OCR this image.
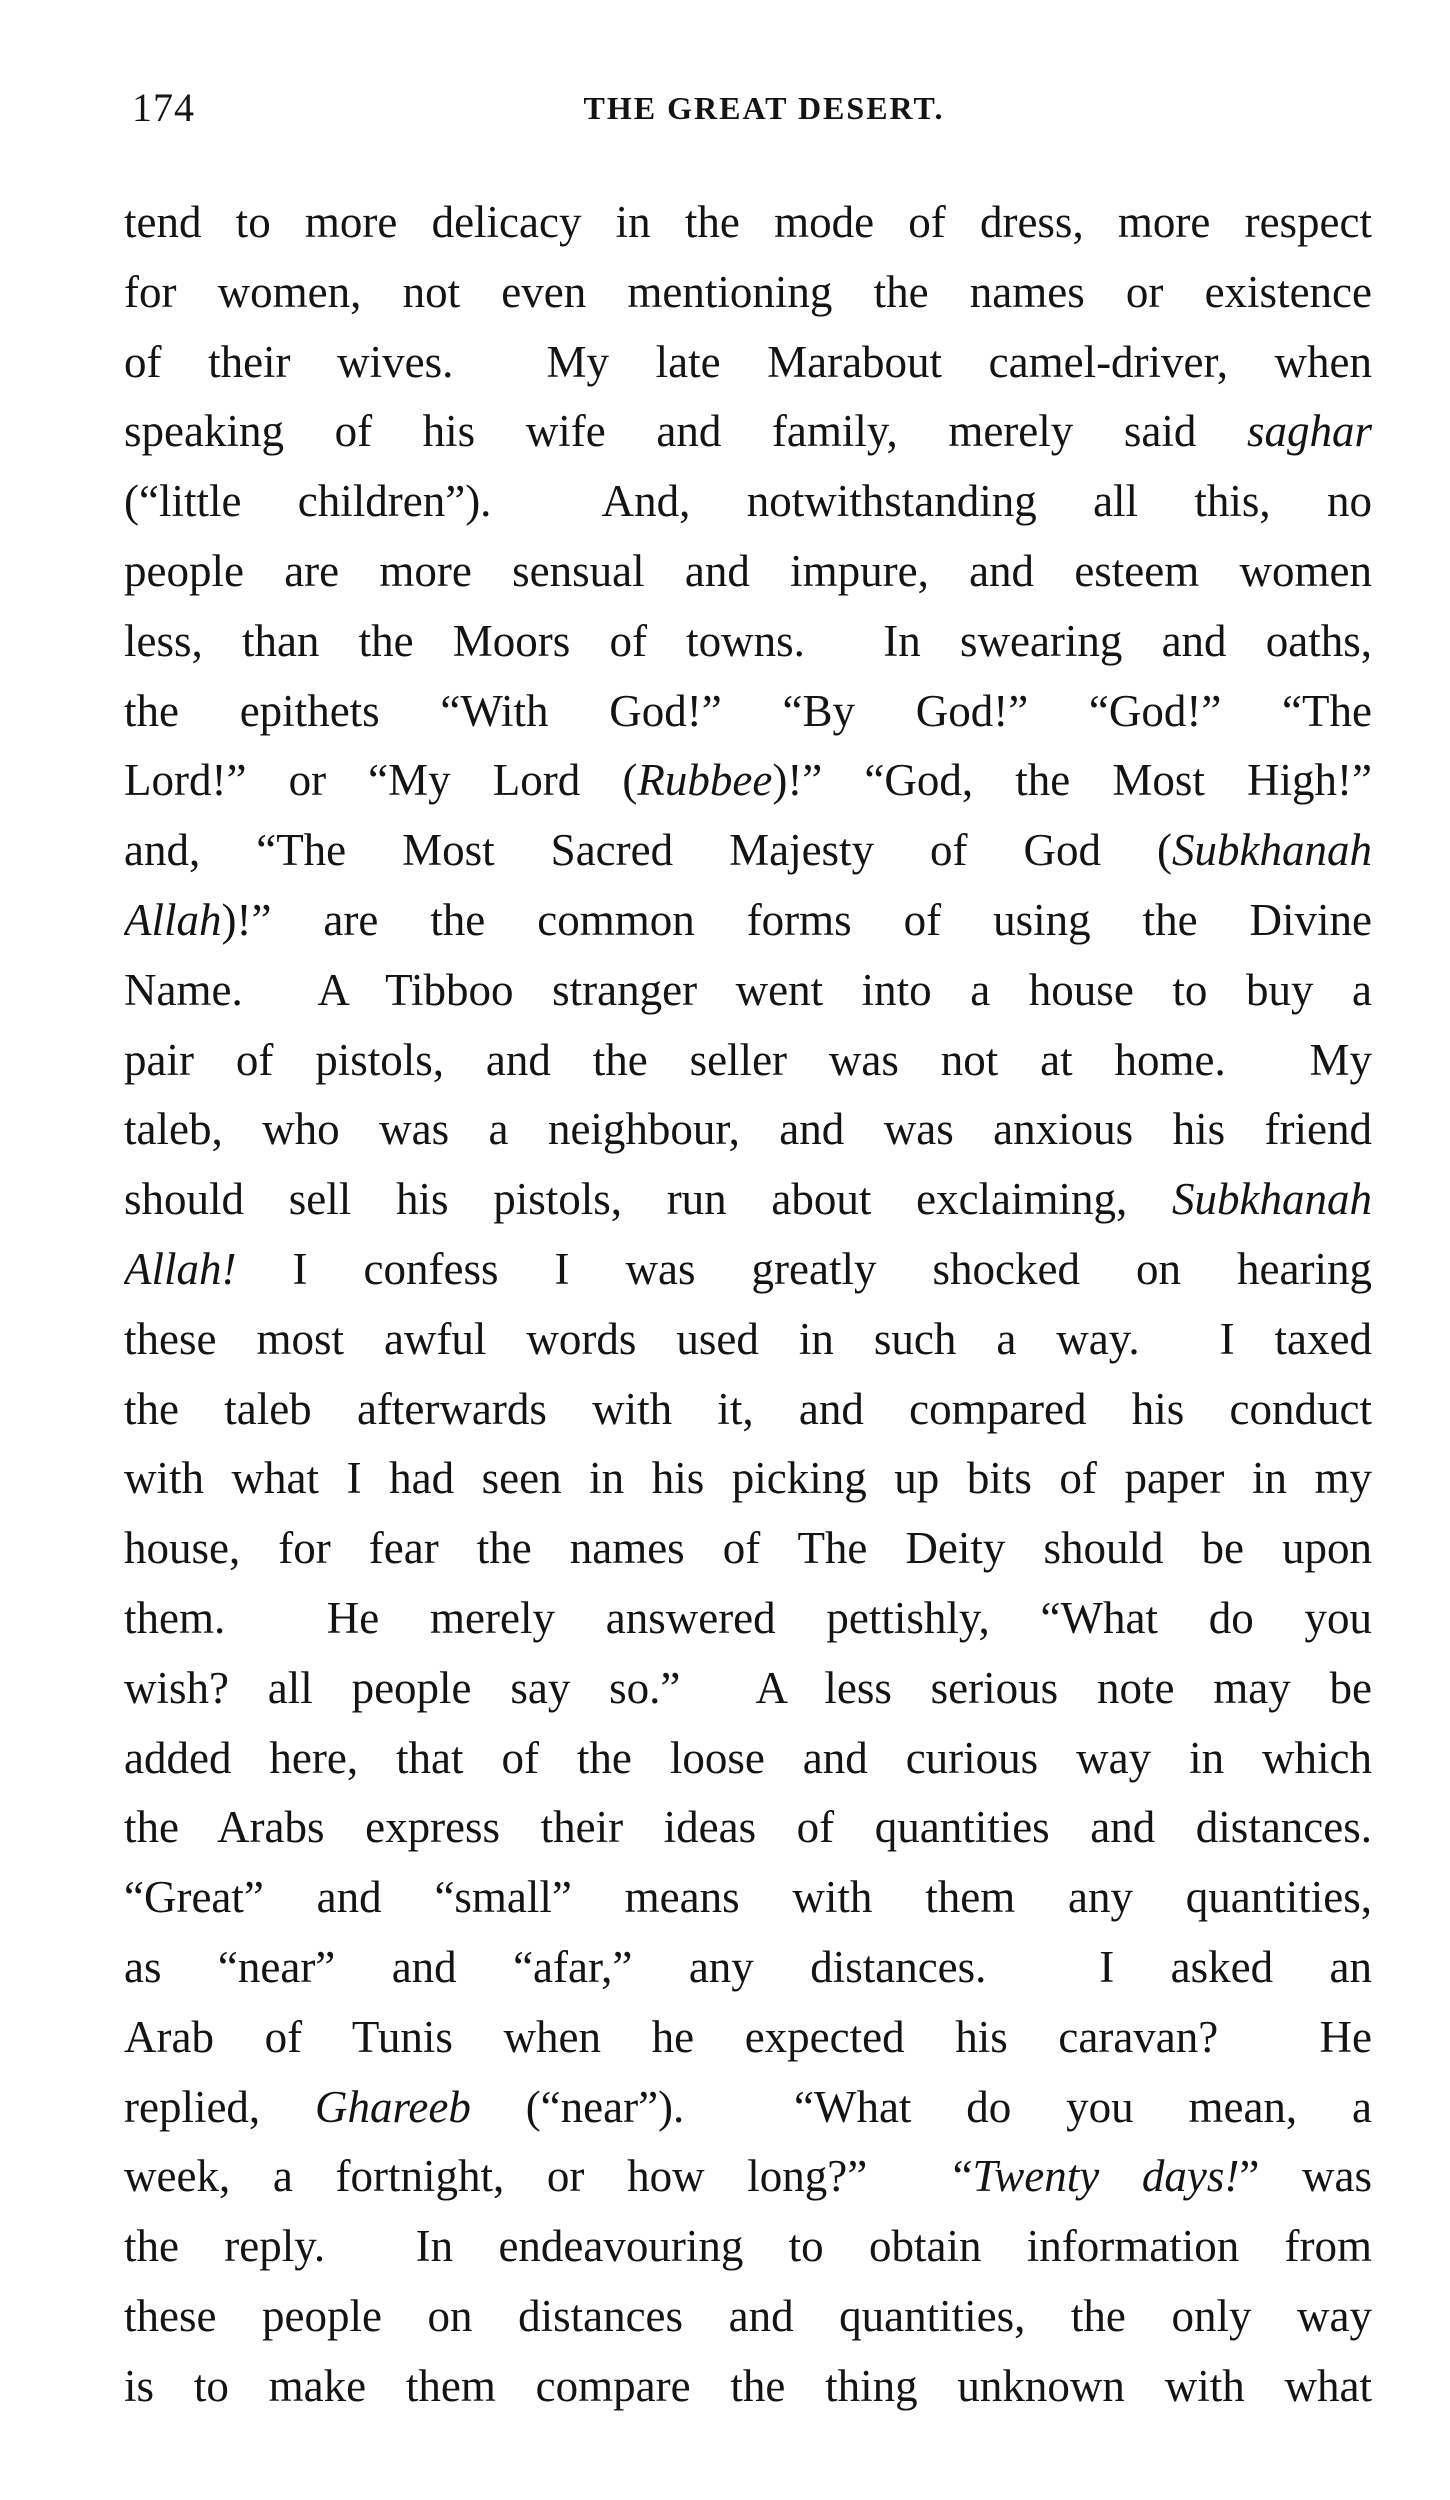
174	THE GREAT DESERT.
tend to more delicacy in the mode of dress, more respect
for women, not even mentioning the names or existence
of their wives.  My late Marabout camel-driver, when
speaking of his wife and family, merely said saghar
(“little children”).  And, notwithstanding all this, no
people are more sensual and impure, and esteem women
less, than the Moors of towns.  In swearing and oaths,
the epithets “With God!” “By God!” “God!” “The
Lord!” or “My Lord (Rubbee)!” “God, the Most High!”
and, “The Most Sacred Majesty of God (Subkhanah
Allah)!” are the common forms of using the Divine
Name.  A Tibboo stranger went into a house to buy a
pair of pistols, and the seller was not at home.  My
taleb, who was a neighbour, and was anxious his friend
should sell his pistols, run about exclaiming, Subkhanah
Allah! I confess I was greatly shocked on hearing
these most awful words used in such a way.  I taxed
the taleb afterwards with it, and compared his conduct
with what I had seen in his picking up bits of paper in my
house, for fear the names of The Deity should be upon
them.  He merely answered pettishly, “What do you
wish? all people say so.”  A less serious note may be
added here, that of the loose and curious way in which
the Arabs express their ideas of quantities and distances.
“Great” and “small” means with them any quantities,
as “near” and “afar,” any distances.  I asked an
Arab of Tunis when he expected his caravan?  He
replied, Ghareeb (“near”).  “What do you mean, a
week, a fortnight, or how long?”  “Twenty days!” was
the reply.  In endeavouring to obtain information from
these people on distances and quantities, the only way
is to make them compare the thing unknown with what
